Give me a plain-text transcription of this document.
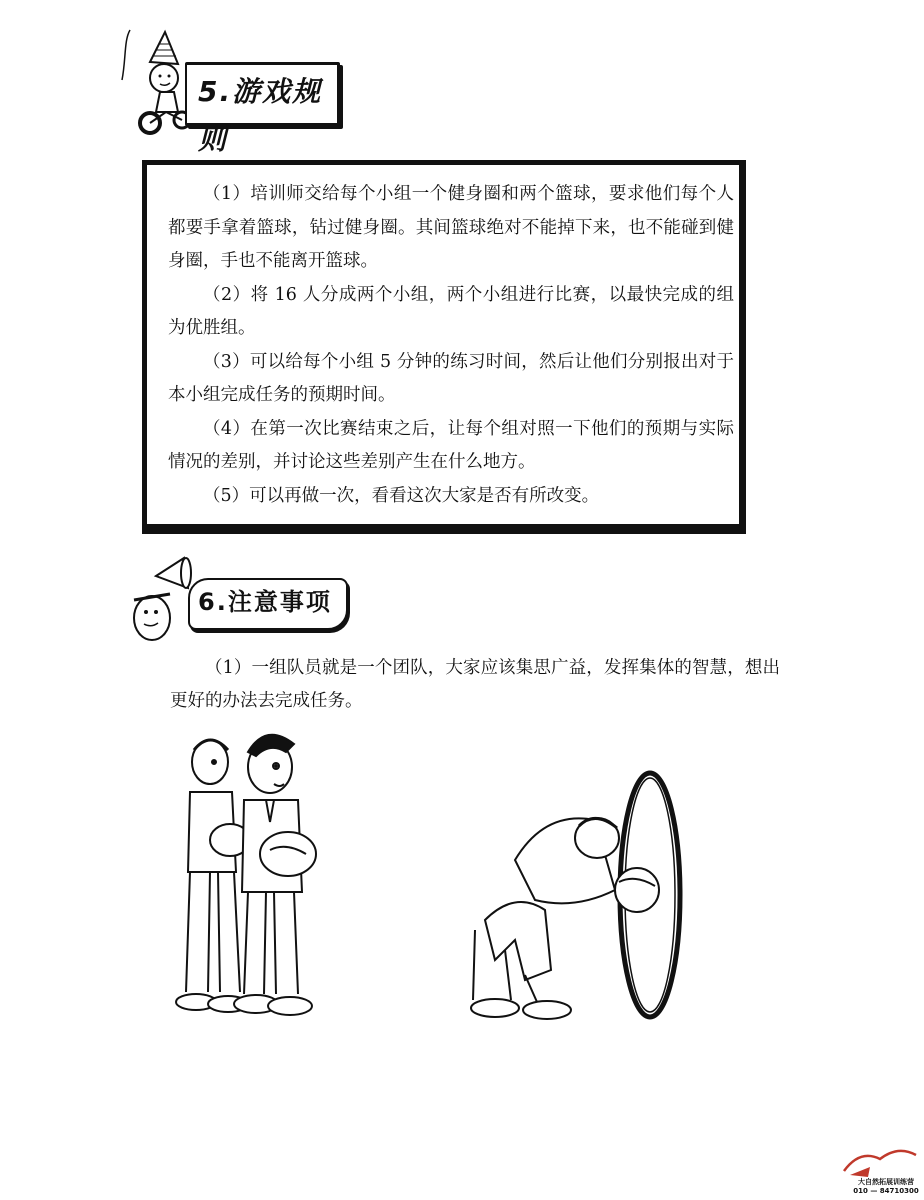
5.游戏规则

（1）培训师交给每个小组一个健身圈和两个篮球，要求他们每个人都要手拿着篮球，钻过健身圈。其间篮球绝对不能掉下来，也不能碰到健身圈，手也不能离开篮球。

（2）将 16 人分成两个小组，两个小组进行比赛，以最快完成的组为优胜组。

（3）可以给每个小组 5 分钟的练习时间，然后让他们分别报出对于本小组完成任务的预期时间。

（4）在第一次比赛结束之后，让每个组对照一下他们的预期与实际情况的差别，并讨论这些差别产生在什么地方。

（5）可以再做一次，看看这次大家是否有所改变。

6.注意事项

（1）一组队员就是一个团队，大家应该集思广益，发挥集体的智慧，想出更好的办法去完成任务。

大自然拓展训练营
010 — 84710300
